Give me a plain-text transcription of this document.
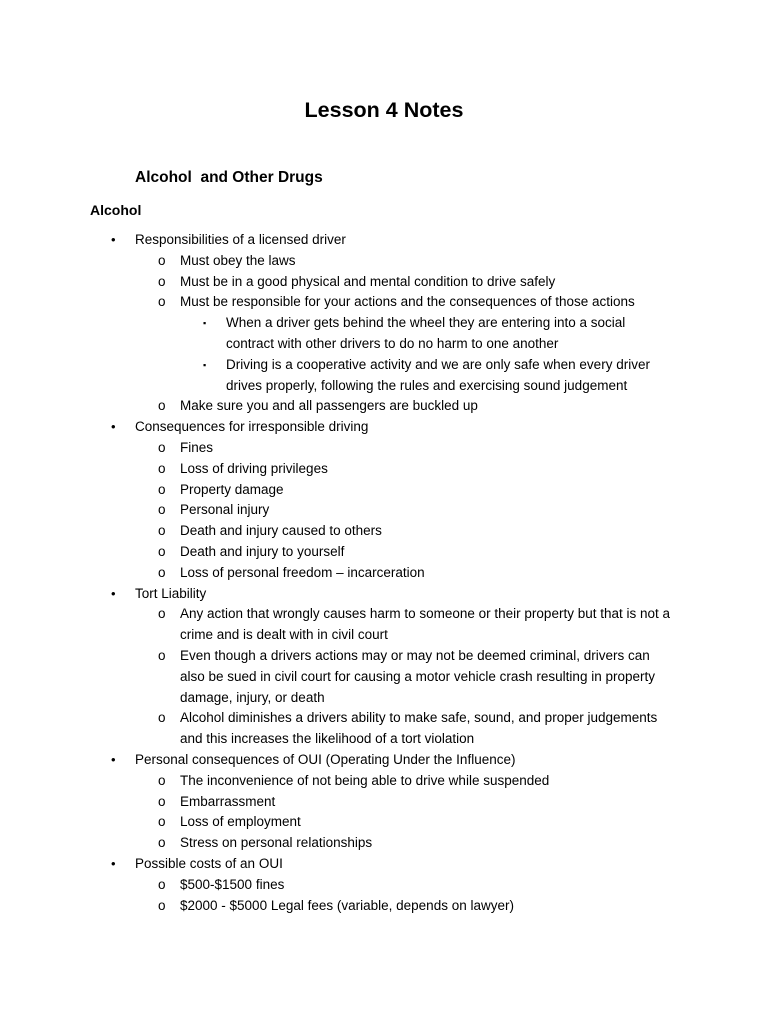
Lesson 4 Notes
Alcohol  and Other Drugs
Alcohol
• Responsibilities of a licensed driver
o Must obey the laws
o Must be in a good physical and mental condition to drive safely
o Must be responsible for your actions and the consequences of those actions
▪ When a driver gets behind the wheel they are entering into a social contract with other drivers to do no harm to one another
▪ Driving is a cooperative activity and we are only safe when every driver drives properly, following the rules and exercising sound judgement
o Make sure you and all passengers are buckled up
• Consequences for irresponsible driving
o Fines
o Loss of driving privileges
o Property damage
o Personal injury
o Death and injury caused to others
o Death and injury to yourself
o Loss of personal freedom – incarceration
• Tort Liability
o Any action that wrongly causes harm to someone or their property but that is not a crime and is dealt with in civil court
o Even though a drivers actions may or may not be deemed criminal, drivers can also be sued in civil court for causing a motor vehicle crash resulting in property damage, injury, or death
o Alcohol diminishes a drivers ability to make safe, sound, and proper judgements and this increases the likelihood of a tort violation
• Personal consequences of OUI (Operating Under the Influence)
o The inconvenience of not being able to drive while suspended
o Embarrassment
o Loss of employment
o Stress on personal relationships
• Possible costs of an OUI
o $500-$1500 fines
o $2000 - $5000 Legal fees (variable, depends on lawyer)
